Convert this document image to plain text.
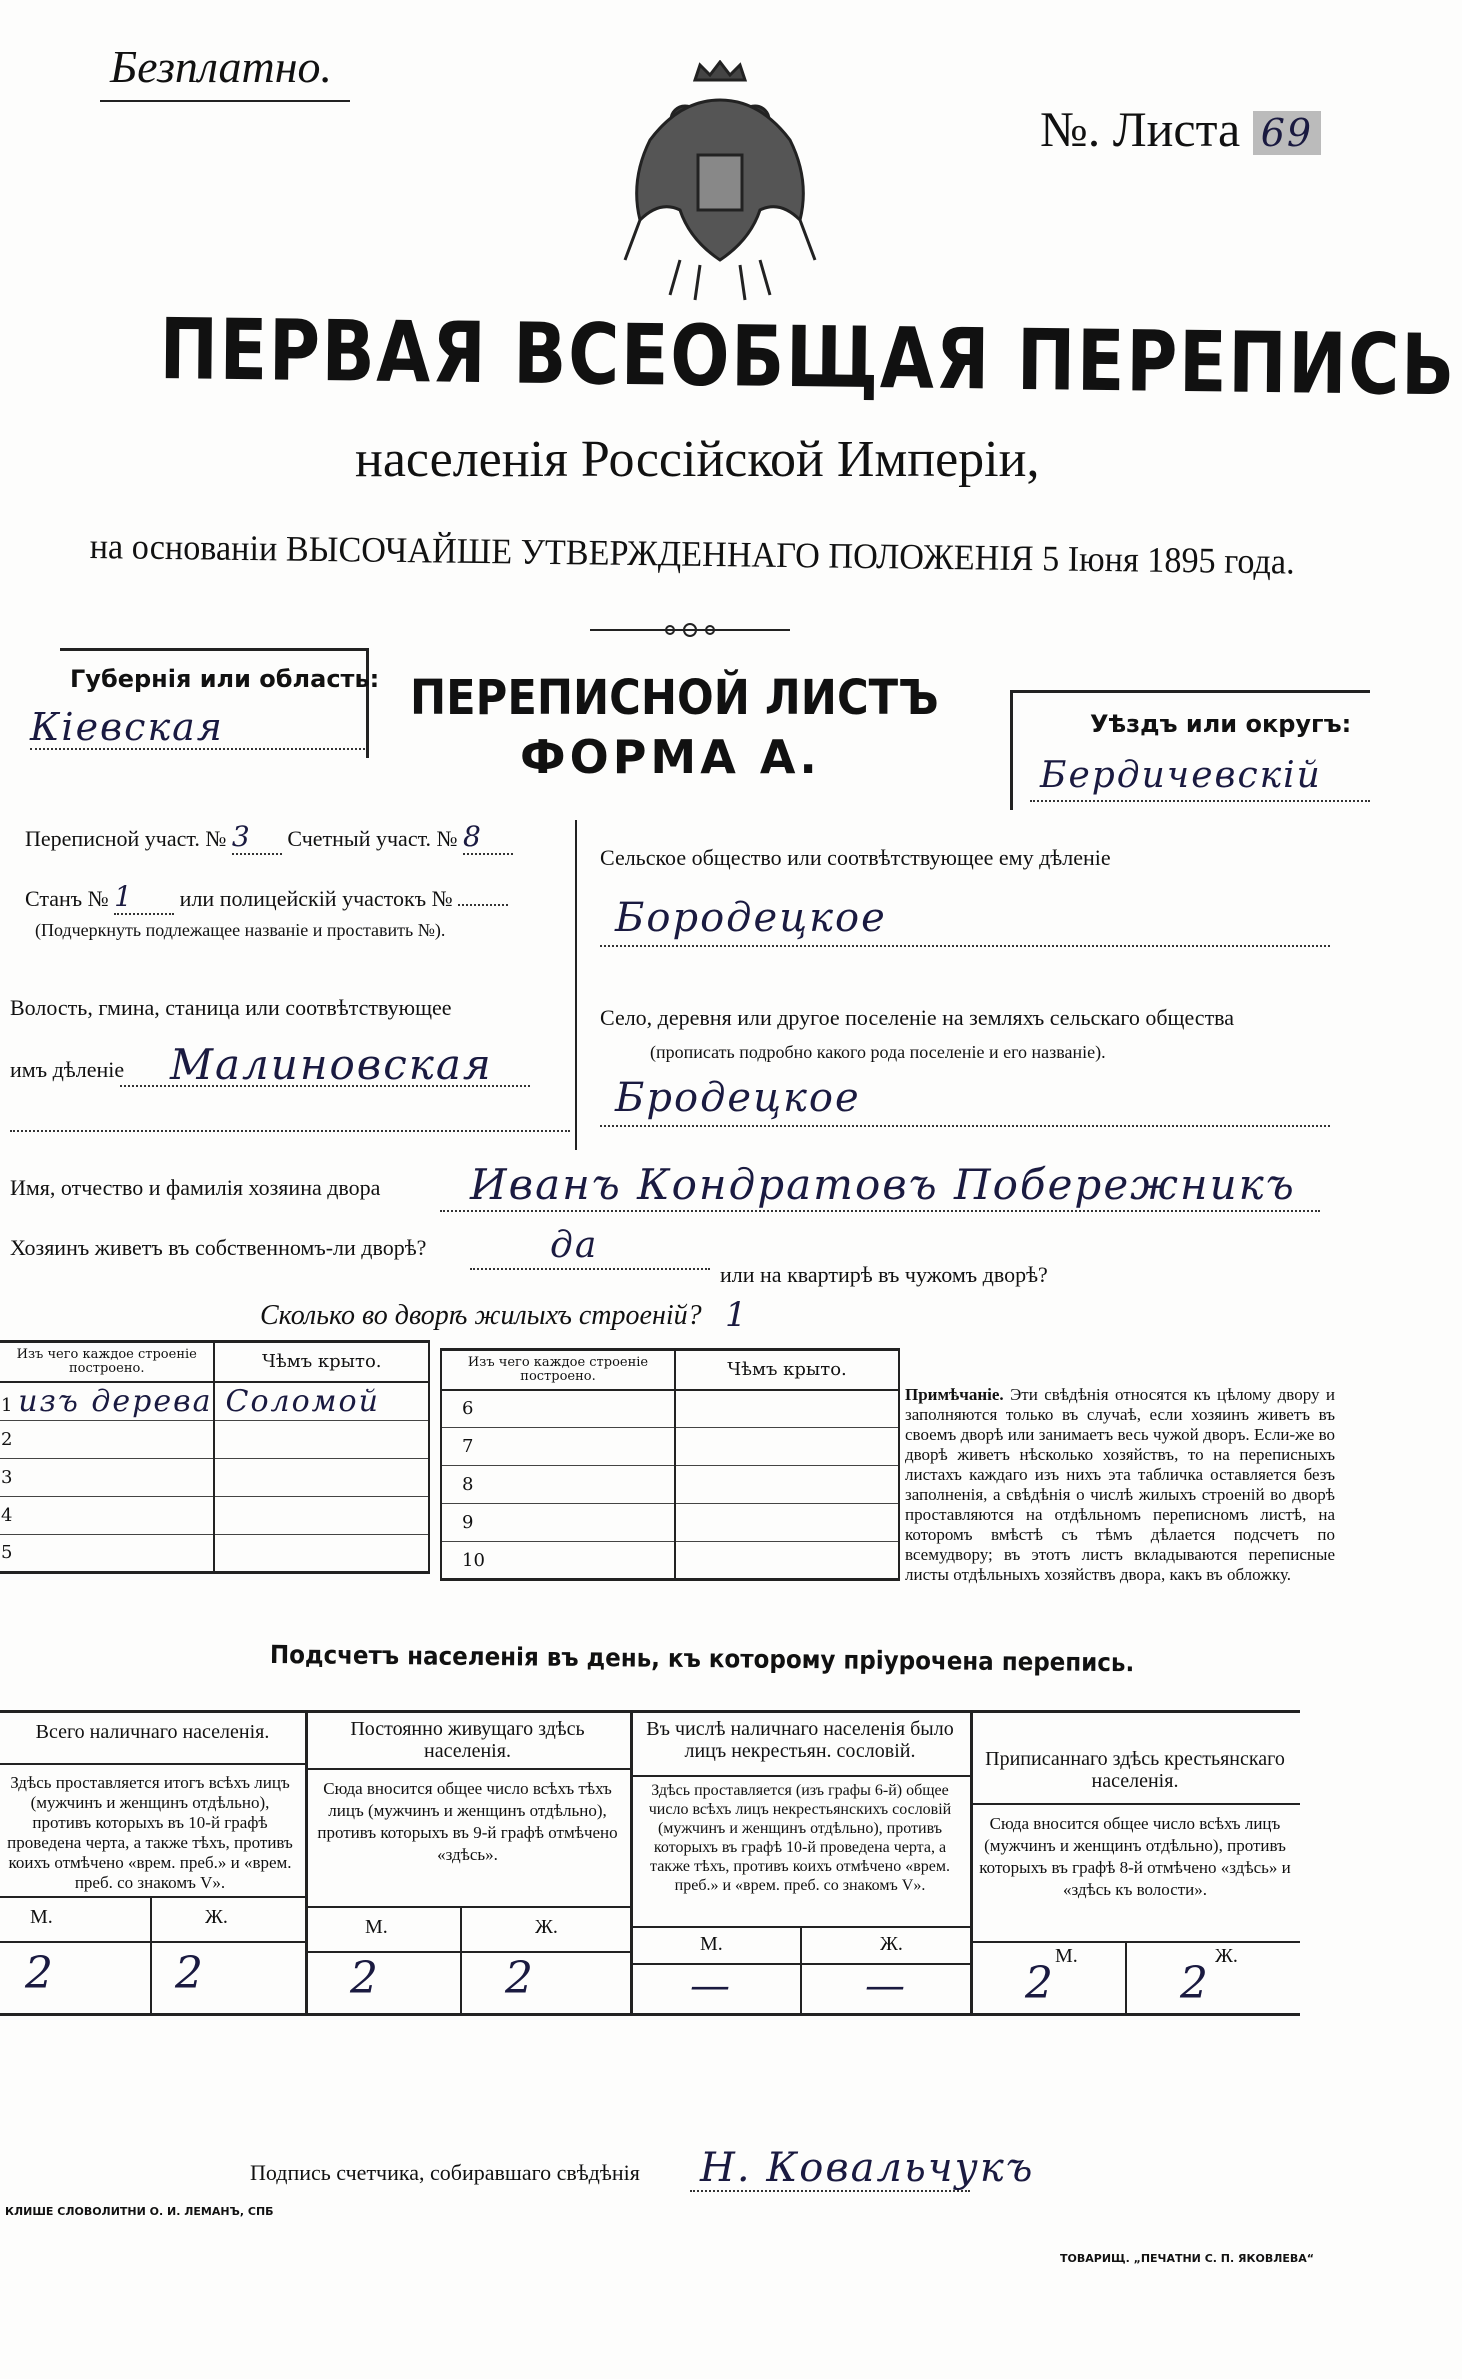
Безплатно.
№. Листа 69
ПЕРВАЯ ВСЕОБЩАЯ ПЕРЕПИСЬ
населенія Россійской Имперіи,
на основаніи ВЫСОЧАЙШЕ УТВЕРЖДЕННАГО ПОЛОЖЕНІЯ 5 Іюня 1895 года.
Губернія или область:
Кіевская
ПЕРЕПИСНОЙ ЛИСТЪ
ФОРМА А.
Уѣздъ или округъ:
Бердичевскій
Переписной участ. № 3 Счетный участ. № 8
Станъ № 1 или полицейскій участокъ №
(Подчеркнуть подлежащее названіе и проставить №).
Волость, гмина, станица или соотвѣтствующее
имъ дѣленіе Малиновская
Сельское общество или соотвѣтствующее ему дѣленіе
Бородецкое
Село, деревня или другое поселеніе на земляхъ сельскаго общества
(прописать подробно какого рода поселеніе и его названіе).
Бродецкое
Имя, отчество и фамилія хозяина двора Иванъ Кондратовъ Побережникъ
Хозяинъ живетъ въ собственномъ-ли дворѣ?	да
или на квартирѣ въ чужомъ дворѣ?
Сколько во дворѣ жилыхъ строеній? 1
Изъ чего каждое строеніе построено.	Чѣмъ крыто.
1 изъ дерева	Соломой
2	
3	
4	
5	
Изъ чего каждое строеніе построено.	Чѣмъ крыто.
6	
7	
8	
9	
10	
Примѣчаніе. Эти свѣдѣнія относятся къ цѣлому двору и заполняются только въ случаѣ, если хозяинъ живетъ въ своемъ дворѣ или занимаетъ весь чужой дворъ. Если-же во дворѣ живетъ нѣсколько хозяйствъ, то на переписныхъ листахъ каждаго изъ нихъ эта табличка оставляется безъ заполненія, а свѣдѣнія о числѣ жилыхъ строеній во дворѣ проставляются на отдѣльномъ переписномъ листѣ, на которомъ вмѣстѣ съ тѣмъ дѣлается подсчетъ по всемудвору; въ этотъ листъ вкладываются переписные листы отдѣльныхъ хозяйствъ двора, какъ въ обложку.
Подсчетъ населенія въ день, къ которому пріурочена перепись.
Всего наличнаго населенія.
Здѣсь проставляется итогъ всѣхъ лицъ (мужчинъ и женщинъ отдѣльно), противъ которыхъ въ 10-й графѣ проведена черта, а также тѣхъ, противъ коихъ отмѣчено «врем. преб.» и «врем. преб. со знакомъ V».
М.	Ж.
2	2
Постоянно живущаго здѣсь населенія.
Сюда вносится общее число всѣхъ тѣхъ лицъ (мужчинъ и женщинъ отдѣльно), противъ которыхъ въ 9-й графѣ отмѣчено «здѣсь».
М.	Ж.
2	2
Въ числѣ наличнаго населенія было лицъ некрестьян. сословій.
Здѣсь проставляется (изъ графы 6-й) общее число всѣхъ лицъ некрестьянскихъ сословій (мужчинъ и женщинъ отдѣльно), противъ которыхъ въ графѣ 10-й проведена черта, а также тѣхъ, противъ коихъ отмѣчено «врем. преб.» и «врем. преб. со знакомъ V».
М.	Ж.
—	—
Приписаннаго здѣсь крестьянскаго населенія.
Сюда вносится общее число всѣхъ лицъ (мужчинъ и женщинъ отдѣльно), противъ которыхъ въ графѣ 8-й отмѣчено «здѣсь» и «здѣсь къ волости».
М.	Ж.
2	2
Подпись счетчика, собиравшаго свѣдѣнія Н. Ковальчукъ
КЛИШЕ СЛОВОЛИТНИ О. И. ЛЕМАНЪ, СПБ
ТОВАРИЩ. „ПЕЧАТНИ С. П. ЯКОВЛЕВА“
